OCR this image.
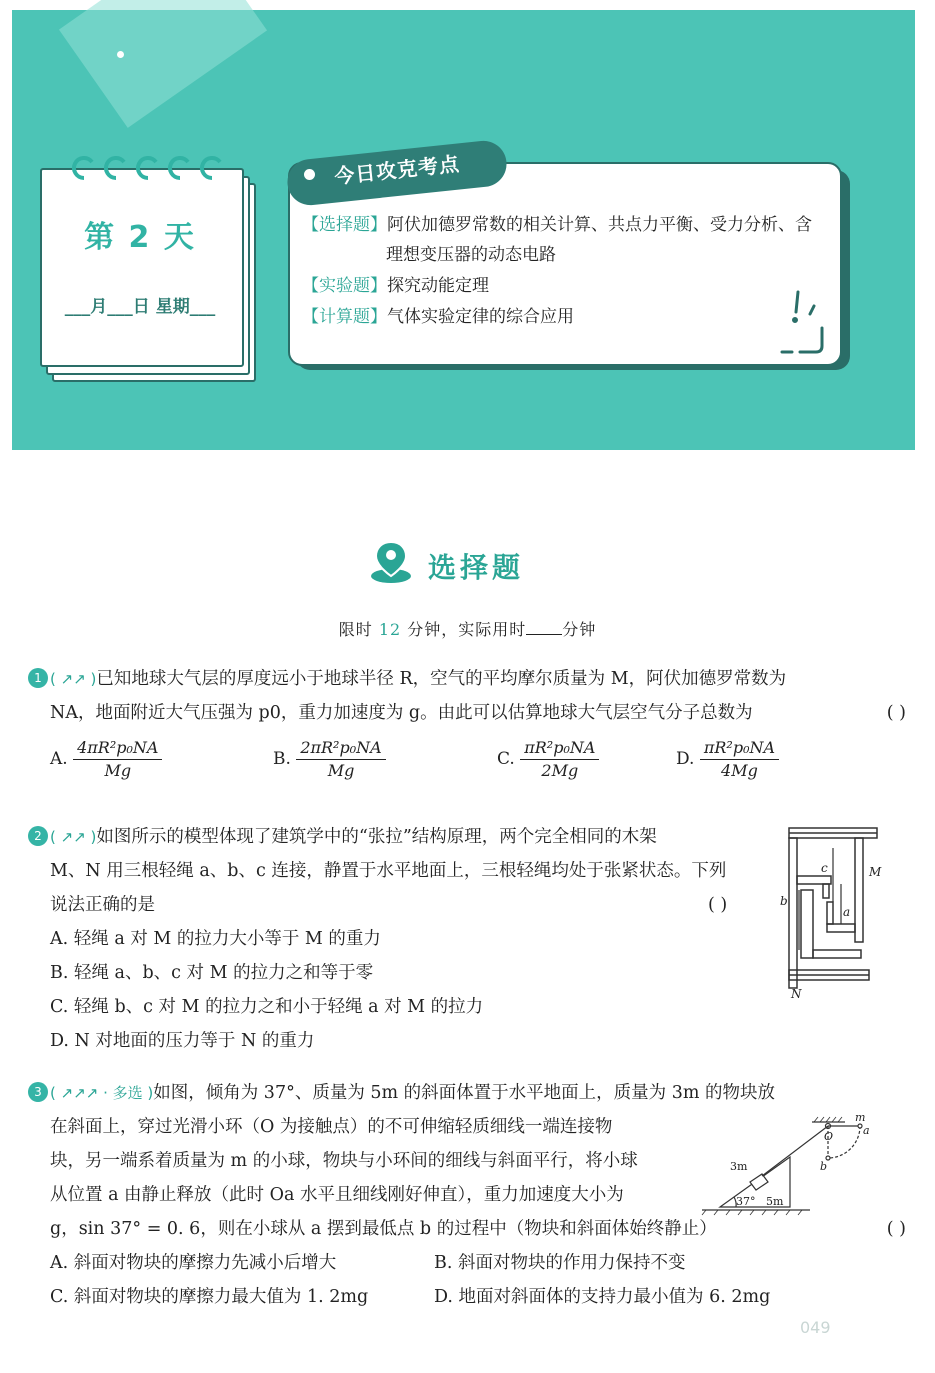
第 2 天
___月___日 星期___
今日攻克考点
【选择题】阿伏加德罗常数的相关计算、共点力平衡、受力分析、含
理想变压器的动态电路
【实验题】探究动能定理
【计算题】气体实验定律的综合应用
选择题
限时 12 分钟，实际用时 分钟
1 ( ↗↗ )已知地球大气层的厚度远小于地球半径 R，空气的平均摩尔质量为 M，阿伏加德罗常数为
NA，地面附近大气压强为 p0，重力加速度为 g。由此可以估算地球大气层空气分子总数为	( )
A. $\frac{\text{4πR²p₀NA}}{Mg}$	B. $\frac{\text{2πR²p₀NA}}{Mg}$	C. $\frac{\text{πR²p₀NA}}{2Mg}$	D. $\frac{\text{πR²p₀NA}}{4Mg}$
2 ( ↗↗ )如图所示的模型体现了建筑学中的“张拉”结构原理，两个完全相同的木架
M、N 用三根轻绳 a、b、c 连接，静置于水平地面上，三根轻绳均处于张紧状态。下列
说法正确的是	( )
A. 轻绳 a 对 M 的拉力大小等于 M 的重力
B. 轻绳 a、b、c 对 M 的拉力之和等于零
C. 轻绳 b、c 对 M 的拉力之和小于轻绳 a 对 M 的拉力
D. N 对地面的压力等于 N 的重力
c	M
b
a
N
3 ( ↗↗↗ · 多选 )如图，倾角为 37°、质量为 5m 的斜面体置于水平地面上，质量为 3m 的物块放
在斜面上，穿过光滑小环（O 为接触点）的不可伸缩轻质细线一端连接物
块，另一端系着质量为 m 的小球，物块与小环间的细线与斜面平行，将小球
从位置 a 由静止释放（此时 Oa 水平且细线刚好伸直），重力加速度大小为
g，sin 37° = 0. 6，则在小球从 a 摆到最低点 b 的过程中（物块和斜面体始终静止）	( )
A. 斜面对物块的摩擦力先减小后增大	B. 斜面对物块的作用力保持不变
C. 斜面对物块的摩擦力最大值为 1. 2mg	D. 地面对斜面体的支持力最小值为 6. 2mg
m
a
O
b
3m
37° 5m
049
